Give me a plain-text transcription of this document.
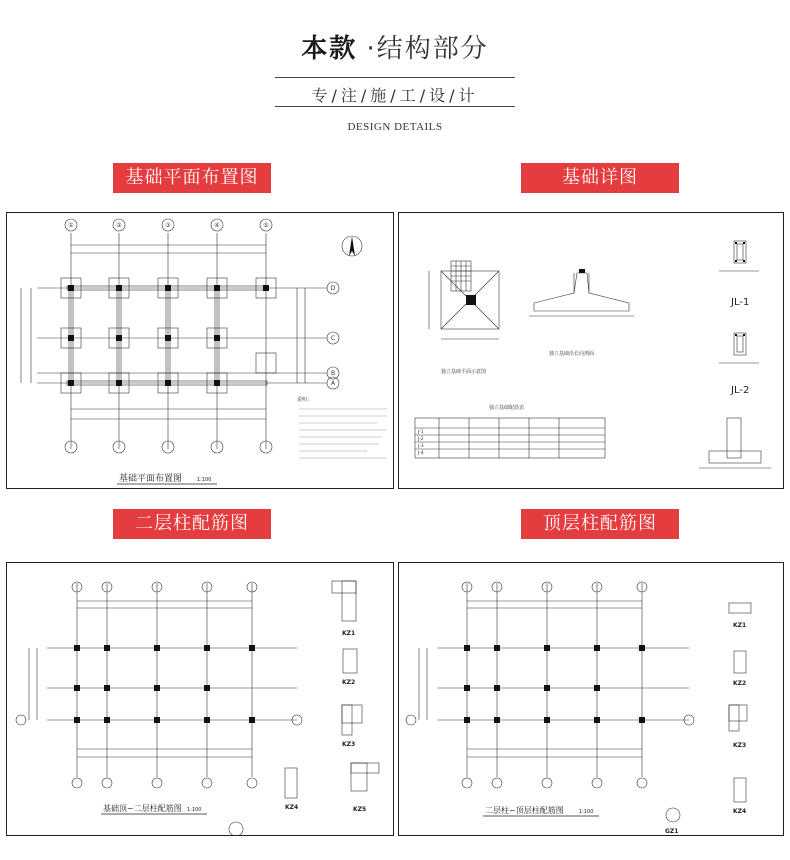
本款 ·结构部分
专/注/施/工/设/计
DESIGN DETAILS
基础平面布置图	基础详图
二层柱配筋图	顶层柱配筋图
①	②	③	④	⑤
D
C
B
A
说明：
基础平面布置图	1:100
独立基础平面示意图
独立基础沿长向剖面
独立基础配筋表
J-1
J-2
J-3
J-4
JL-1
JL-2
KZ1
KZ2
KZ3
KZ4	KZ5
基础顶~二层柱配筋图 1:100
KZ1
KZ2
KZ3
KZ4
GZ1
二层柱~顶层柱配筋图	1:100
